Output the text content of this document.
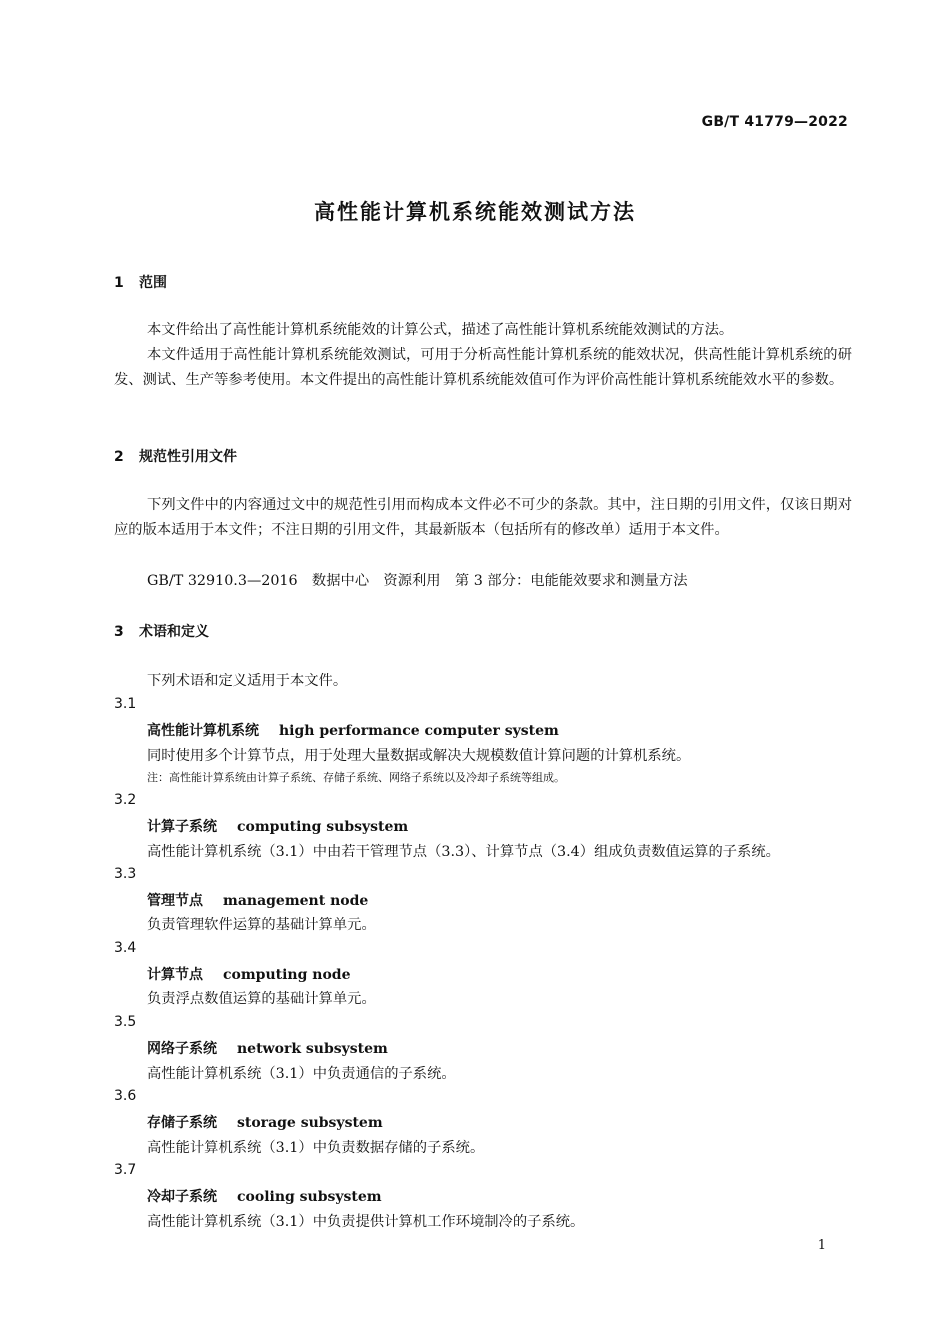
GB/T 41779—2022
高性能计算机系统能效测试方法
1 范围
本文件给出了高性能计算机系统能效的计算公式，描述了高性能计算机系统能效测试的方法。
本文件适用于高性能计算机系统能效测试，可用于分析高性能计算机系统的能效状况，供高性能计算机系统的研发、测试、生产等参考使用。本文件提出的高性能计算机系统能效值可作为评价高性能计算机系统能效水平的参数。
2 规范性引用文件
下列文件中的内容通过文中的规范性引用而构成本文件必不可少的条款。其中，注日期的引用文件，仅该日期对应的版本适用于本文件；不注日期的引用文件，其最新版本（包括所有的修改单）适用于本文件。
GB/T 32910.3—2016　数据中心　资源利用　第 3 部分：电能能效要求和测量方法
3 术语和定义
下列术语和定义适用于本文件。
3.1
高性能计算机系统 high performance computer system
同时使用多个计算节点，用于处理大量数据或解决大规模数值计算问题的计算机系统。
注：高性能计算系统由计算子系统、存储子系统、网络子系统以及冷却子系统等组成。
3.2
计算子系统 computing subsystem
高性能计算机系统（3.1）中由若干管理节点（3.3）、计算节点（3.4）组成负责数值运算的子系统。
3.3
管理节点 management node
负责管理软件运算的基础计算单元。
3.4
计算节点 computing node
负责浮点数值运算的基础计算单元。
3.5
网络子系统 network subsystem
高性能计算机系统（3.1）中负责通信的子系统。
3.6
存储子系统 storage subsystem
高性能计算机系统（3.1）中负责数据存储的子系统。
3.7
冷却子系统 cooling subsystem
高性能计算机系统（3.1）中负责提供计算机工作环境制冷的子系统。
1
